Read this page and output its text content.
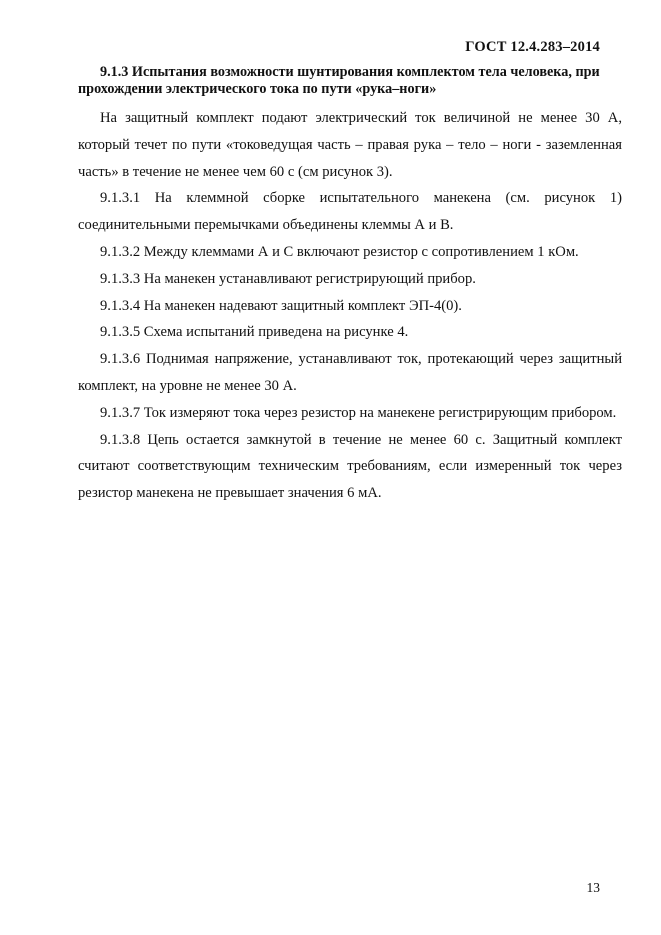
ГОСТ 12.4.283–2014

9.1.3 Испытания возможности шунтирования комплектом тела человека, при прохождении электрического тока по пути «рука–ноги»

На защитный комплект подают электрический ток величиной не менее 30 А, который течет по пути «токоведущая часть – правая рука – тело – ноги - заземленная часть» в течение не менее чем 60 с (см рисунок 3).

9.1.3.1 На клеммной сборке испытательного манекена (см. рисунок 1) соединительными перемычками объединены клеммы А и В.

9.1.3.2 Между клеммами А и С включают резистор с сопротивлением 1 кОм.

9.1.3.3 На манекен устанавливают регистрирующий прибор.

9.1.3.4 На манекен надевают защитный комплект ЭП-4(0).

9.1.3.5 Схема испытаний приведена на рисунке 4.

9.1.3.6 Поднимая напряжение, устанавливают ток, протекающий через защитный комплект, на уровне не менее 30 А.

9.1.3.7 Ток измеряют тока через резистор на манекене регистрирующим прибором.

9.1.3.8 Цепь остается замкнутой в течение не менее 60 с. Защитный комплект считают соответствующим техническим требованиям, если измеренный ток через резистор манекена не превышает значения 6 мА.

13
